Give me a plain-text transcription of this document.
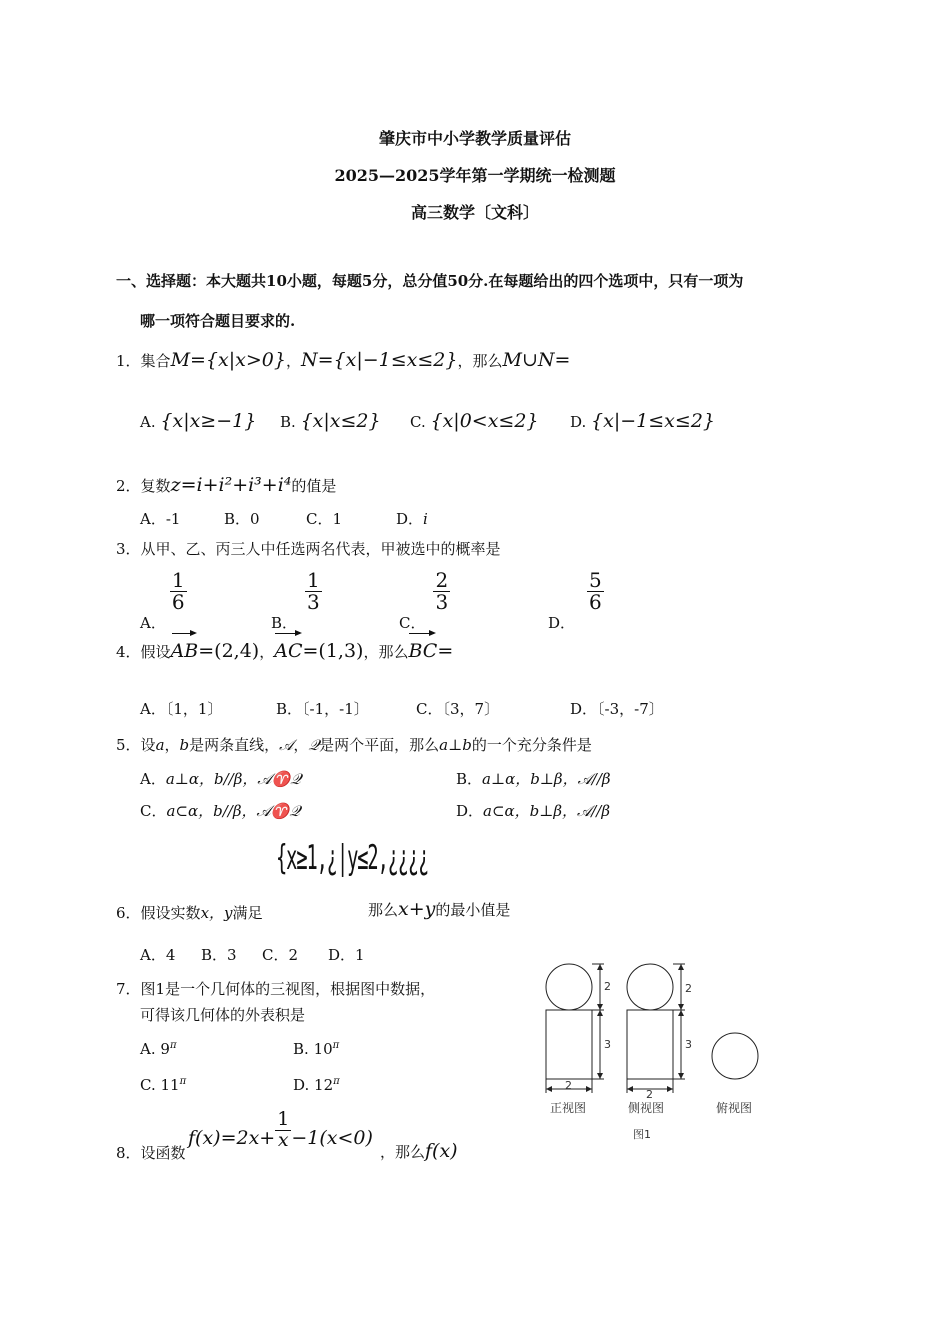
肇庆市中小学教学质量评估
2025—2025学年第一学期统一检测题
高三数学〔文科〕
一、选择题：本大题共10小题，每题5分，总分值50分.在每题给出的四个选项中，只有一项为
哪一项符合题目要求的.
1．集合M={x|x>0}，N={x|−1≤x≤2}，那么M∪N=
A. {x|x≥−1} B. {x|x≤2} C. {x|0<x≤2} D. {x|−1≤x≤2}
2．复数z=i+i²+i³+i⁴的值是
A．-1	B．0	C．1	D．i
3．从甲、乙、丙三人中任选两名代表，甲被选中的概率是
A．
$\frac{1}{6}$
B．
$\frac{1}{3}$
C．
$\frac{2}{3}$
D．
$\frac{5}{6}$
4．假设AB=(2,4)，AC=(1,3)，那么BC=
A．〔1，1〕	B．〔-1，-1〕	C．〔3，7〕	D．〔-3，-7〕
5．设a，b是两条直线，𝒜，𝒬是两个平面，那么a⊥b的一个充分条件是
A．a⊥α，b//β，𝒜♈𝒬	B．a⊥α，b⊥β，𝒜//β
C．a⊂α，b//β，𝒜♈𝒬	D．a⊂α，b⊥β，𝒜//β
6．假设实数x，y满足
{x≥1,¿|y≤2,¿¿¿¿
那么x+y的最小值是
A．4 B．3 C．2 D．1
7．图1是一个几何体的三视图，根据图中数据，
可得该几何体的外表积是
A. $9^\pi$	B. $10^\pi$
C. $11^\pi$	D. $12^\pi$
2
3
2
2
3
2
正视图	侧视图	俯视图
图1
8．设函数
$f(x)=2x+ \frac{1}{x} -1(x<0)$
，那么f(x)
